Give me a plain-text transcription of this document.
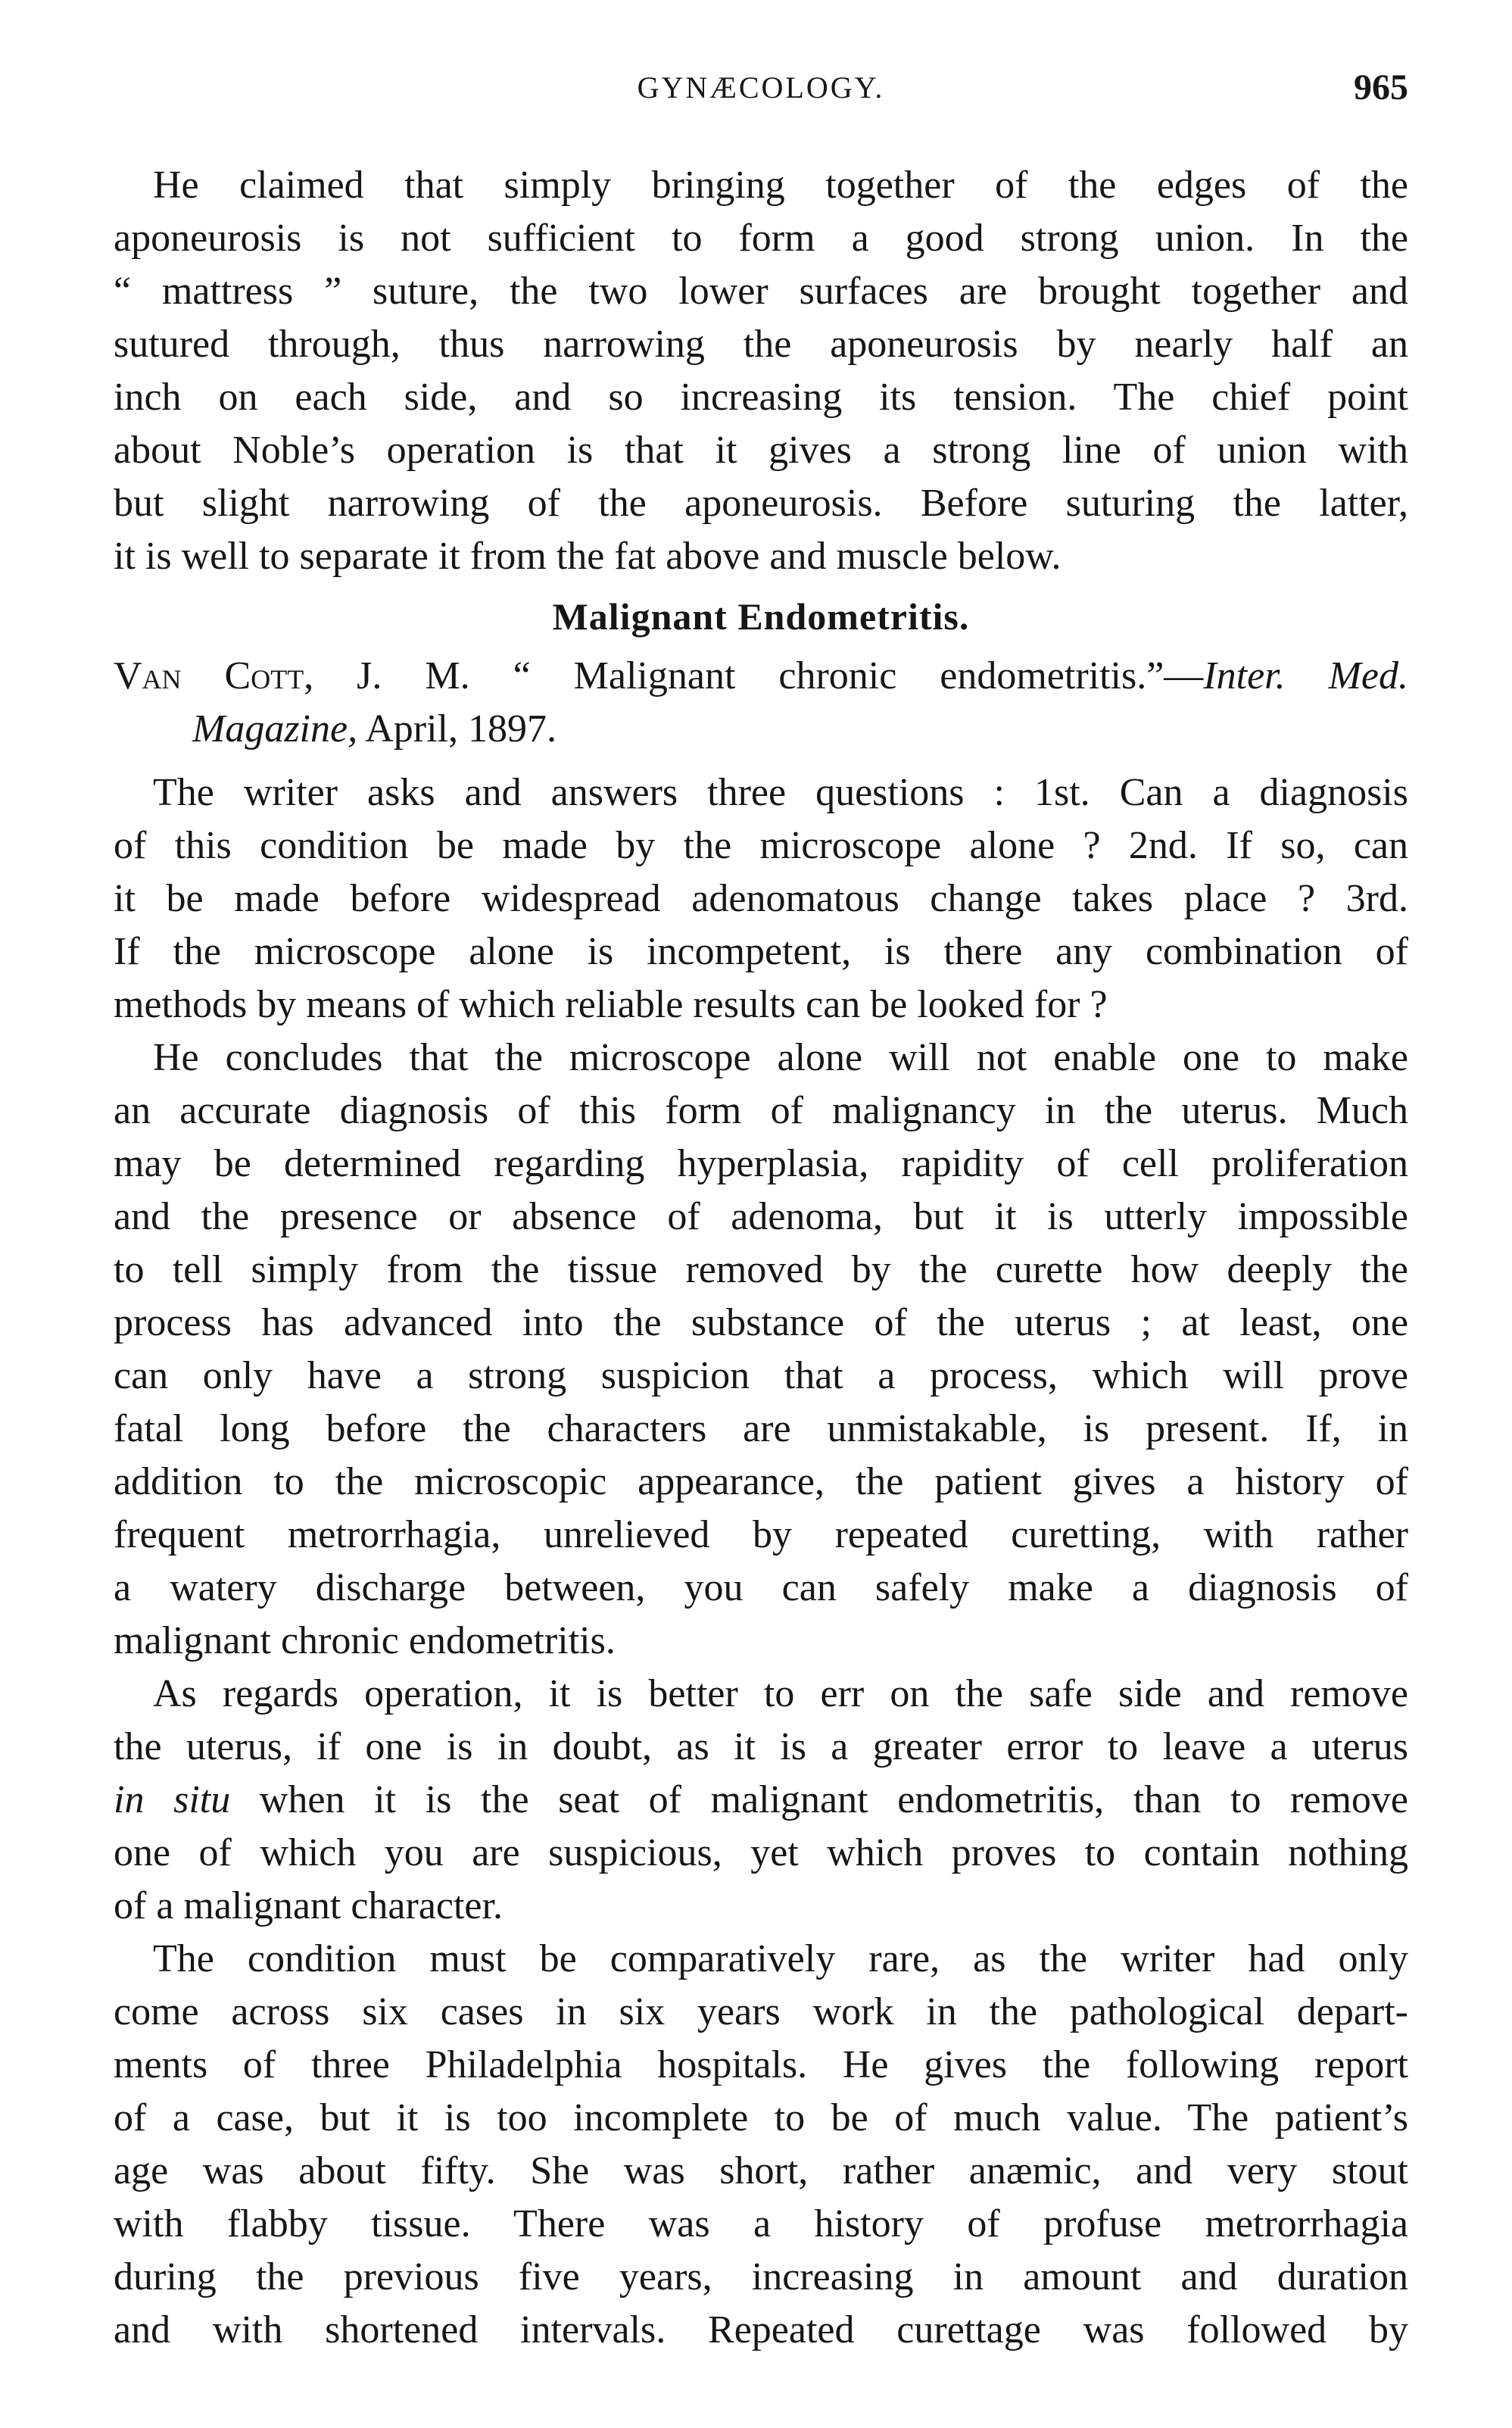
GYNÆCOLOGY.	965
He claimed that simply bringing together of the edges of the
aponeurosis is not sufficient to form a good strong union. In the
“ mattress ” suture, the two lower surfaces are brought together and
sutured through, thus narrowing the aponeurosis by nearly half an
inch on each side, and so increasing its tension. The chief point
about Noble’s operation is that it gives a strong line of union with
but slight narrowing of the aponeurosis. Before suturing the latter,
it is well to separate it from the fat above and muscle below.
Malignant Endometritis.
Van Cott, J. M. “ Malignant chronic endometritis.”—Inter. Med.
Magazine, April, 1897.
The writer asks and answers three questions : 1st. Can a diagnosis
of this condition be made by the microscope alone ? 2nd. If so, can
it be made before widespread adenomatous change takes place ? 3rd.
If the microscope alone is incompetent, is there any combination of
methods by means of which reliable results can be looked for ?
He concludes that the microscope alone will not enable one to make
an accurate diagnosis of this form of malignancy in the uterus. Much
may be determined regarding hyperplasia, rapidity of cell proliferation
and the presence or absence of adenoma, but it is utterly impossible
to tell simply from the tissue removed by the curette how deeply the
process has advanced into the substance of the uterus ; at least, one
can only have a strong suspicion that a process, which will prove
fatal long before the characters are unmistakable, is present. If, in
addition to the microscopic appearance, the patient gives a history of
frequent metrorrhagia, unrelieved by repeated curetting, with rather
a watery discharge between, you can safely make a diagnosis of
malignant chronic endometritis.
As regards operation, it is better to err on the safe side and remove
the uterus, if one is in doubt, as it is a greater error to leave a uterus
in situ when it is the seat of malignant endometritis, than to remove
one of which you are suspicious, yet which proves to contain nothing
of a malignant character.
The condition must be comparatively rare, as the writer had only
come across six cases in six years work in the pathological depart-
ments of three Philadelphia hospitals. He gives the following report
of a case, but it is too incomplete to be of much value. The patient’s
age was about fifty. She was short, rather anæmic, and very stout
with flabby tissue. There was a history of profuse metrorrhagia
during the previous five years, increasing in amount and duration
and with shortened intervals. Repeated curettage was followed by
